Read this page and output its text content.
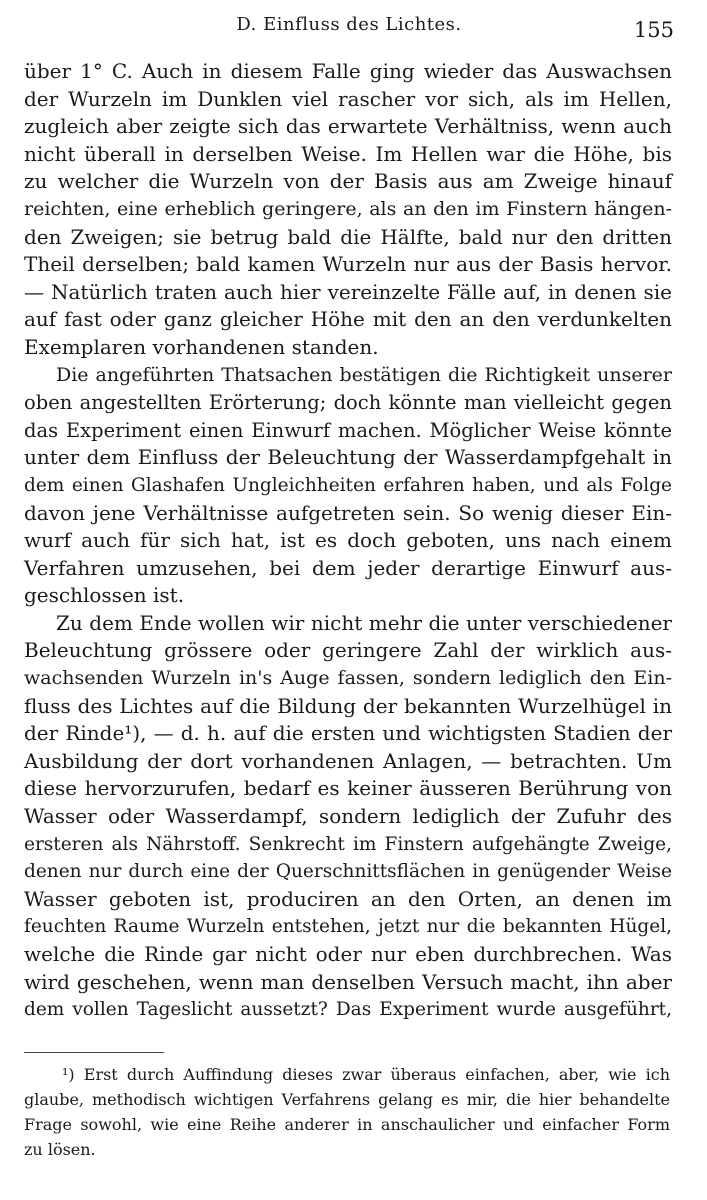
D. Einfluss des Lichtes.	155
über 1° C. Auch in diesem Falle ging wieder das Auswachsen
der Wurzeln im Dunklen viel rascher vor sich, als im Hellen,
zugleich aber zeigte sich das erwartete Verhältniss, wenn auch
nicht überall in derselben Weise. Im Hellen war die Höhe, bis
zu welcher die Wurzeln von der Basis aus am Zweige hinauf
reichten, eine erheblich geringere, als an den im Finstern hängen-
den Zweigen; sie betrug bald die Hälfte, bald nur den dritten
Theil derselben; bald kamen Wurzeln nur aus der Basis hervor.
— Natürlich traten auch hier vereinzelte Fälle auf, in denen sie
auf fast oder ganz gleicher Höhe mit den an den verdunkelten
Exemplaren vorhandenen standen.
Die angeführten Thatsachen bestätigen die Richtigkeit unserer
oben angestellten Erörterung; doch könnte man vielleicht gegen
das Experiment einen Einwurf machen. Möglicher Weise könnte
unter dem Einfluss der Beleuchtung der Wasserdampfgehalt in
dem einen Glashafen Ungleichheiten erfahren haben, und als Folge
davon jene Verhältnisse aufgetreten sein. So wenig dieser Ein-
wurf auch für sich hat, ist es doch geboten, uns nach einem
Verfahren umzusehen, bei dem jeder derartige Einwurf aus-
geschlossen ist.
Zu dem Ende wollen wir nicht mehr die unter verschiedener
Beleuchtung grössere oder geringere Zahl der wirklich aus-
wachsenden Wurzeln in's Auge fassen, sondern lediglich den Ein-
fluss des Lichtes auf die Bildung der bekannten Wurzelhügel in
der Rinde¹), — d. h. auf die ersten und wichtigsten Stadien der
Ausbildung der dort vorhandenen Anlagen, — betrachten. Um
diese hervorzurufen, bedarf es keiner äusseren Berührung von
Wasser oder Wasserdampf, sondern lediglich der Zufuhr des
ersteren als Nährstoff. Senkrecht im Finstern aufgehängte Zweige,
denen nur durch eine der Querschnittsflächen in genügender Weise
Wasser geboten ist, produciren an den Orten, an denen im
feuchten Raume Wurzeln entstehen, jetzt nur die bekannten Hügel,
welche die Rinde gar nicht oder nur eben durchbrechen. Was
wird geschehen, wenn man denselben Versuch macht, ihn aber
dem vollen Tageslicht aussetzt? Das Experiment wurde ausgeführt,
¹) Erst durch Auffindung dieses zwar überaus einfachen, aber, wie ich
glaube, methodisch wichtigen Verfahrens gelang es mir, die hier behandelte
Frage sowohl, wie eine Reihe anderer in anschaulicher und einfacher Form
zu lösen.
